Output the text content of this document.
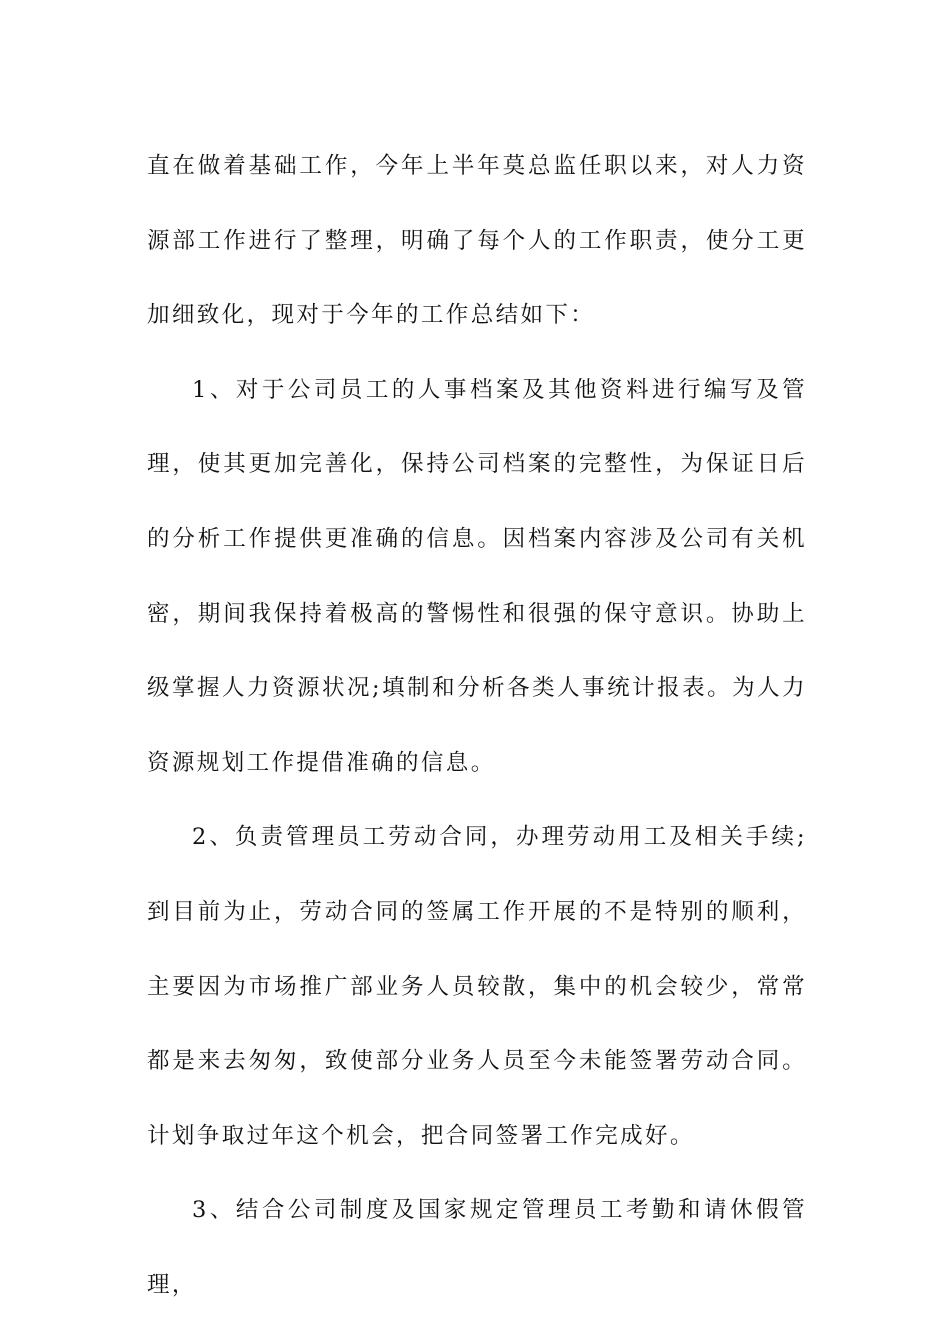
直在做着基础工作，今年上半年莫总监任职以来，对人力资源部工作进行了整理，明确了每个人的工作职责，使分工更加细致化，现对于今年的工作总结如下：

1、对于公司员工的人事档案及其他资料进行编写及管理，使其更加完善化，保持公司档案的完整性，为保证日后的分析工作提供更准确的信息。因档案内容涉及公司有关机密，期间我保持着极高的警惕性和很强的保守意识。协助上级掌握人力资源状况;填制和分析各类人事统计报表。为人力资源规划工作提借准确的信息。

2、负责管理员工劳动合同，办理劳动用工及相关手续;到目前为止，劳动合同的签属工作开展的不是特别的顺利，主要因为市场推广部业务人员较散，集中的机会较少，常常都是来去匆匆，致使部分业务人员至今未能签署劳动合同。计划争取过年这个机会，把合同签署工作完成好。

3、结合公司制度及国家规定管理员工考勤和请休假管理，
